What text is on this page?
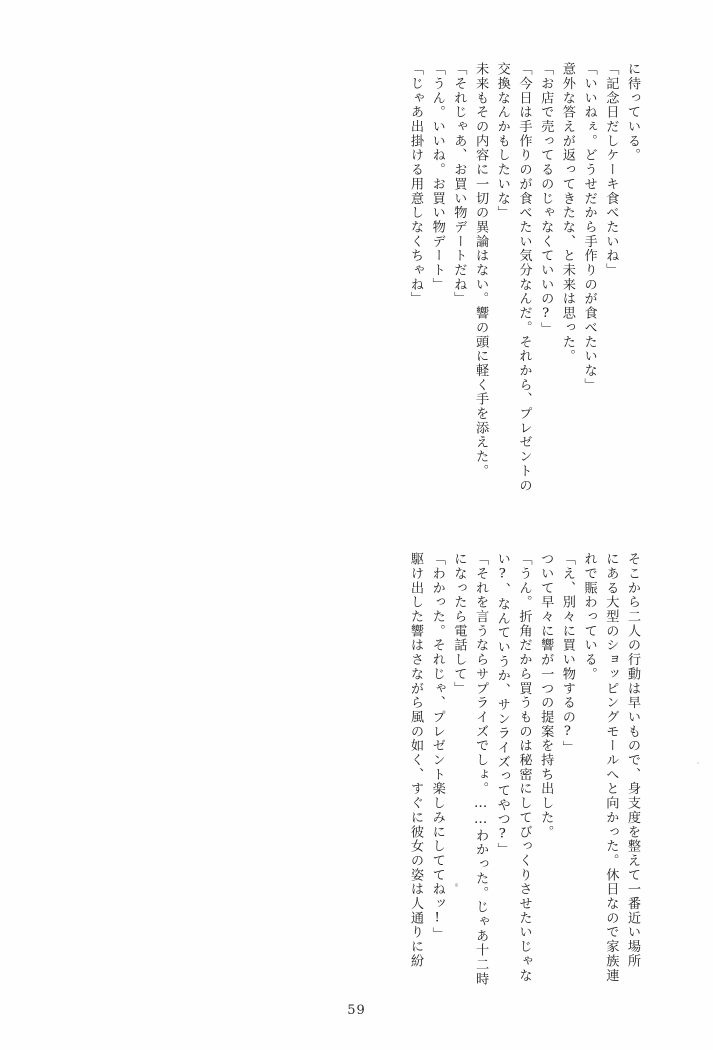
に待っている。
「記念日だしケーキ食べたいね」
「いいねぇ。どうせだから手作りのが食べたいな」
意外な答えが返ってきたな、と未来は思った。
「お店で売ってるのじゃなくていいの?」
「今日は手作りのが食べたい気分なんだ。それから、プレゼントの
交換なんかもしたいな」
未来もその内容に一切の異論はない。響の頭に軽く手を添えた。
「それじゃあ、お買い物デートだね」
「うん。いいね。お買い物デート」
「じゃあ出掛ける用意しなくちゃね」
そこから二人の行動は早いもので、身支度を整えて一番近い場所
にある大型のショッピングモールへと向かった。休日なので家族連
れで賑わっている。
「え、別々に買い物するの?」
ついて早々に響が一つの提案を持ち出した。
「うん。折角だから買うものは秘密にしてびっくりさせたいじゃな
い?、なんていうか、サンライズってやつ?」
「それを言うならサプライズでしょ。……わかった。じゃあ十二時
になったら電話して」
「わかった。それじゃ、プレゼント楽しみにしててねッ!」
駆け出した響はさながら風の如く、すぐに彼女の姿は人通りに紛
59
